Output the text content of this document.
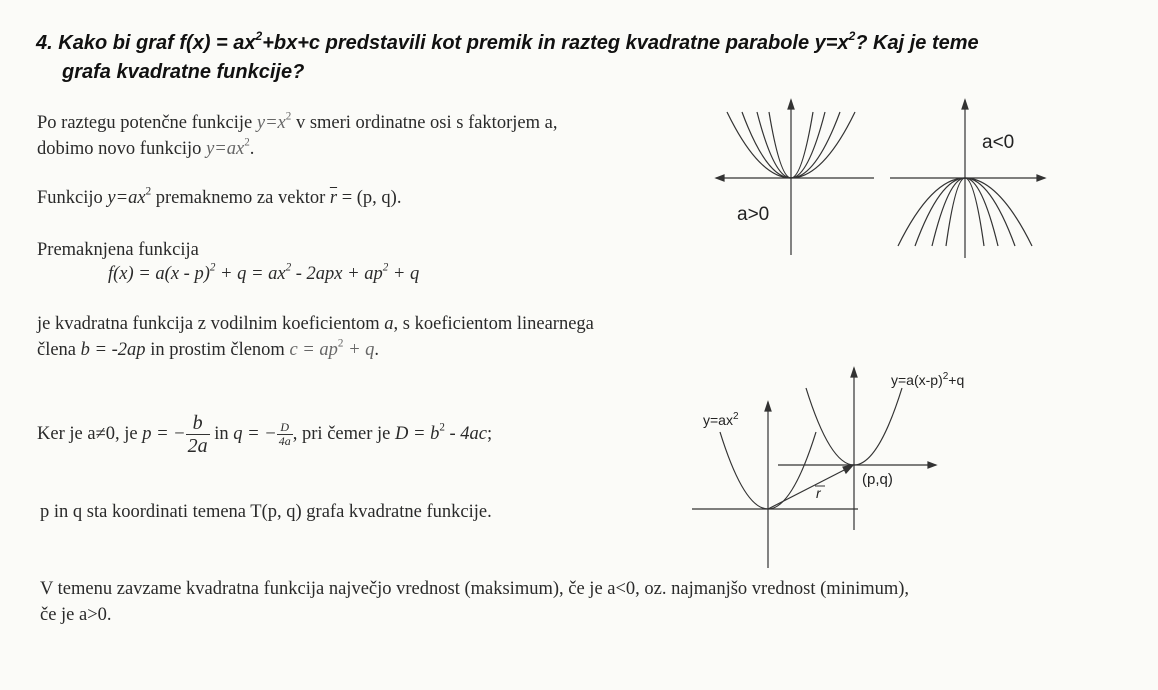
4. Kako bi graf $f(x) = ax^2+bx+c$ predstavili kot premik in razteg kvadratne parabole $y=x^2$? Kaj je teme
grafa kvadratne funkcije?
Po raztegu potenčne funkcije $y=x^2$ v smeri ordinatne osi s faktorjem a,
dobimo novo funkcijo $y=ax^2$.
Funkcijo $y=ax^2$ premaknemo za vektor $\overline{r} = (p$, q).
Premaknjena funkcija
$f(x) = a(x - p)^2 + q = ax^2 - 2apx + ap^2 + q$
je kvadratna funkcija z vodilnim koeficientom a, s koeficientom linearnega
člena b = -2ap in prostim členom $c = ap^2 + q$.
Ker je a≠0, je p = − $\frac{b}{2a}$ in q = − $\frac{D}{4a}$ , pri čemer je $D = b^2 - 4ac$;
p in q sta koordinati temena T(p, q) grafa kvadratne funkcije.
V temenu zavzame kvadratna funkcija največjo vrednost (maksimum), če je a<0, oz. najmanjšo vrednost (minimum),
če je a>0.
a>0
a<0
$y=ax^2$
$y=a(x-p)^2+q$
(p,q)
r
